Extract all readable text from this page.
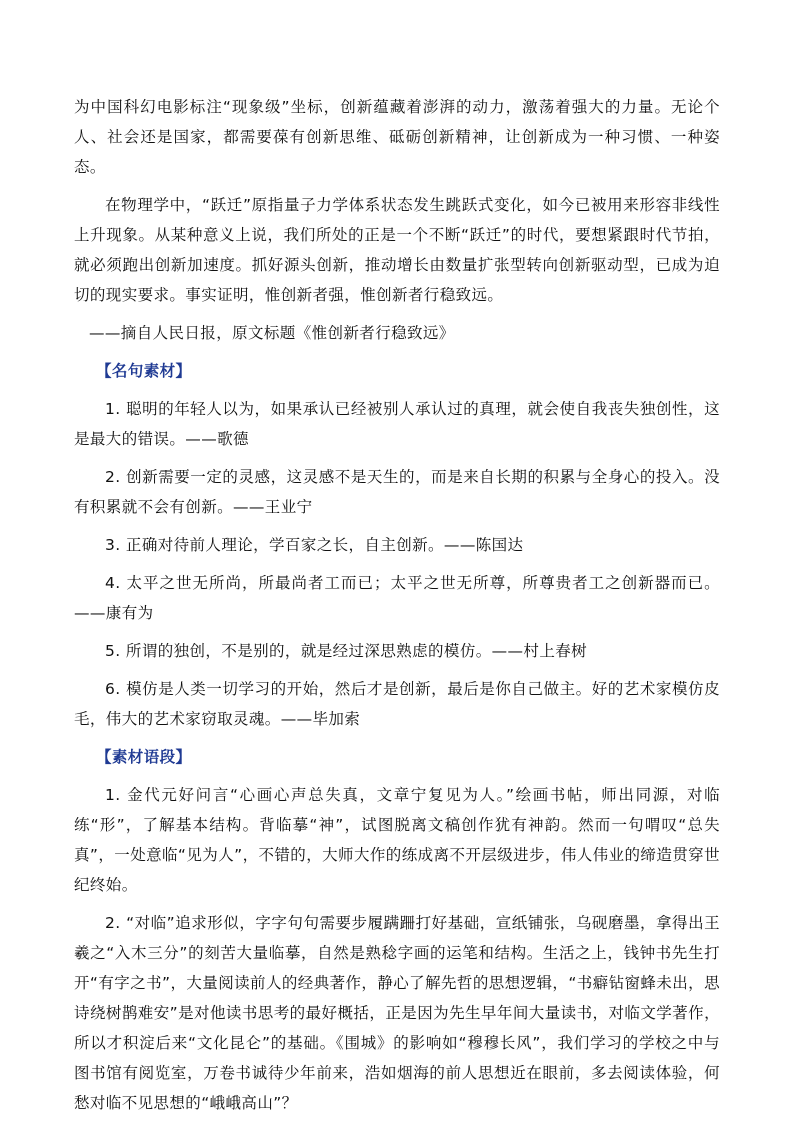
为中国科幻电影标注“现象级”坐标，创新蕴藏着澎湃的动力，激荡着强大的力量。无论个人、社会还是国家，都需要葆有创新思维、砥砺创新精神，让创新成为一种习惯、一种姿态。

在物理学中，“跃迁”原指量子力学体系状态发生跳跃式变化，如今已被用来形容非线性上升现象。从某种意义上说，我们所处的正是一个不断“跃迁”的时代，要想紧跟时代节拍，就必须跑出创新加速度。抓好源头创新，推动增长由数量扩张型转向创新驱动型，已成为迫切的现实要求。事实证明，惟创新者强，惟创新者行稳致远。

——摘自人民日报，原文标题《惟创新者行稳致远》

【名句素材】

1. 聪明的年轻人以为，如果承认已经被别人承认过的真理，就会使自我丧失独创性，这是最大的错误。——歌德

2. 创新需要一定的灵感，这灵感不是天生的，而是来自长期的积累与全身心的投入。没有积累就不会有创新。——王业宁

3. 正确对待前人理论，学百家之长，自主创新。——陈国达

4. 太平之世无所尚，所最尚者工而已；太平之世无所尊，所尊贵者工之创新器而已。——康有为

5. 所谓的独创，不是别的，就是经过深思熟虑的模仿。——村上春树

6. 模仿是人类一切学习的开始，然后才是创新，最后是你自己做主。好的艺术家模仿皮毛，伟大的艺术家窃取灵魂。——毕加索

【素材语段】

1. 金代元好问言“心画心声总失真，文章宁复见为人。”绘画书帖，师出同源，对临练“形”，了解基本结构。背临摹“神”，试图脱离文稿创作犹有神韵。然而一句喟叹“总失真”，一处意临“见为人”，不错的，大师大作的练成离不开层级进步，伟人伟业的缔造贯穿世纪终始。

2. “对临”追求形似，字字句句需要步履蹒跚打好基础，宣纸铺张，乌砚磨墨，拿得出王羲之“入木三分”的刻苦大量临摹，自然是熟稔字画的运笔和结构。生活之上，钱钟书先生打开“有字之书”，大量阅读前人的经典著作，静心了解先哲的思想逻辑，“书癖钻窗蜂未出，思诗绕树鹊难安”是对他读书思考的最好概括，正是因为先生早年间大量读书，对临文学著作，所以才积淀后来“文化昆仑”的基础。《围城》的影响如“穆穆长风”，我们学习的学校之中与图书馆有阅览室，万卷书诚待少年前来，浩如烟海的前人思想近在眼前，多去阅读体验，何愁对临不见思想的“峨峨高山”？
